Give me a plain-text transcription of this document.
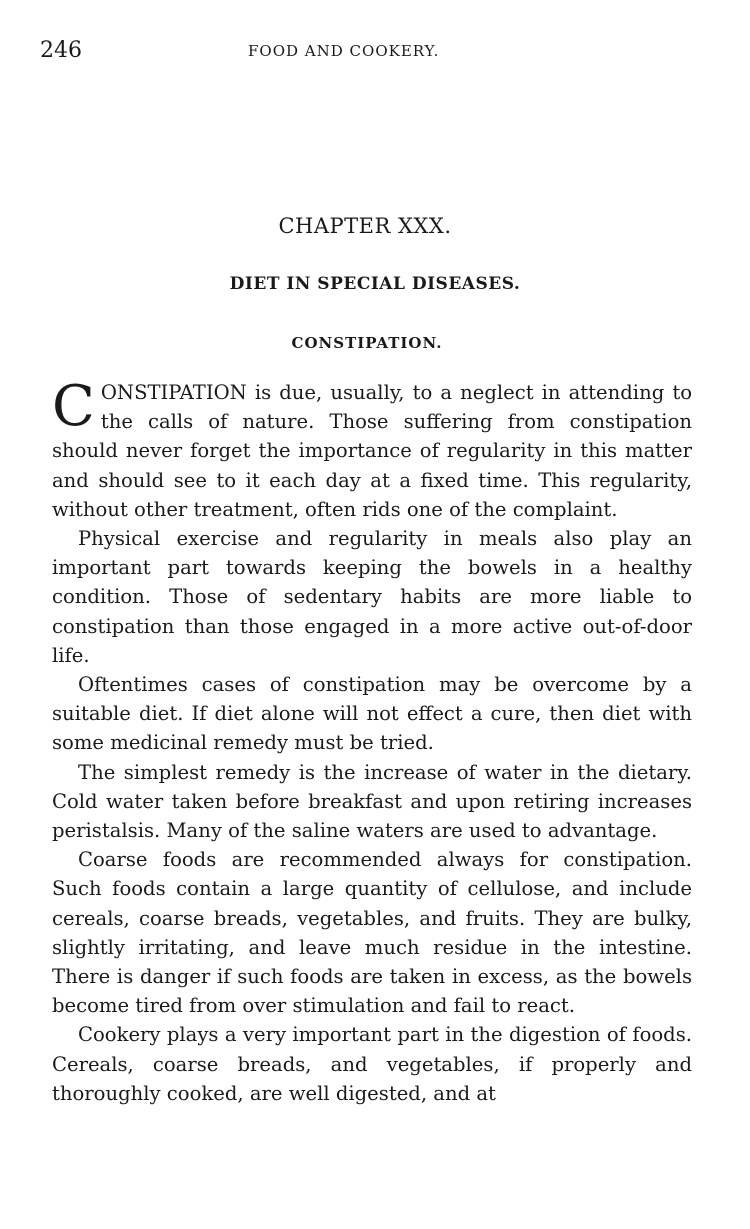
246	FOOD AND COOKERY.
CHAPTER XXX.
DIET IN SPECIAL DISEASES.
CONSTIPATION.

CONSTIPATION is due, usually, to a neglect in attending to the calls of nature. Those suffering from constipation should never forget the importance of regularity in this matter and should see to it each day at a fixed time. This regularity, without other treatment, often rids one of the complaint.

Physical exercise and regularity in meals also play an important part towards keeping the bowels in a healthy condition. Those of sedentary habits are more liable to constipation than those engaged in a more active out-of-door life.

Oftentimes cases of constipation may be overcome by a suitable diet. If diet alone will not effect a cure, then diet with some medicinal remedy must be tried.

The simplest remedy is the increase of water in the dietary. Cold water taken before breakfast and upon retiring increases peristalsis. Many of the saline waters are used to advantage.

Coarse foods are recommended always for constipation. Such foods contain a large quantity of cellulose, and include cereals, coarse breads, vegetables, and fruits. They are bulky, slightly irritating, and leave much residue in the intestine. There is danger if such foods are taken in excess, as the bowels become tired from over stimulation and fail to react.

Cookery plays a very important part in the digestion of foods. Cereals, coarse breads, and vegetables, if properly and thoroughly cooked, are well digested, and at
